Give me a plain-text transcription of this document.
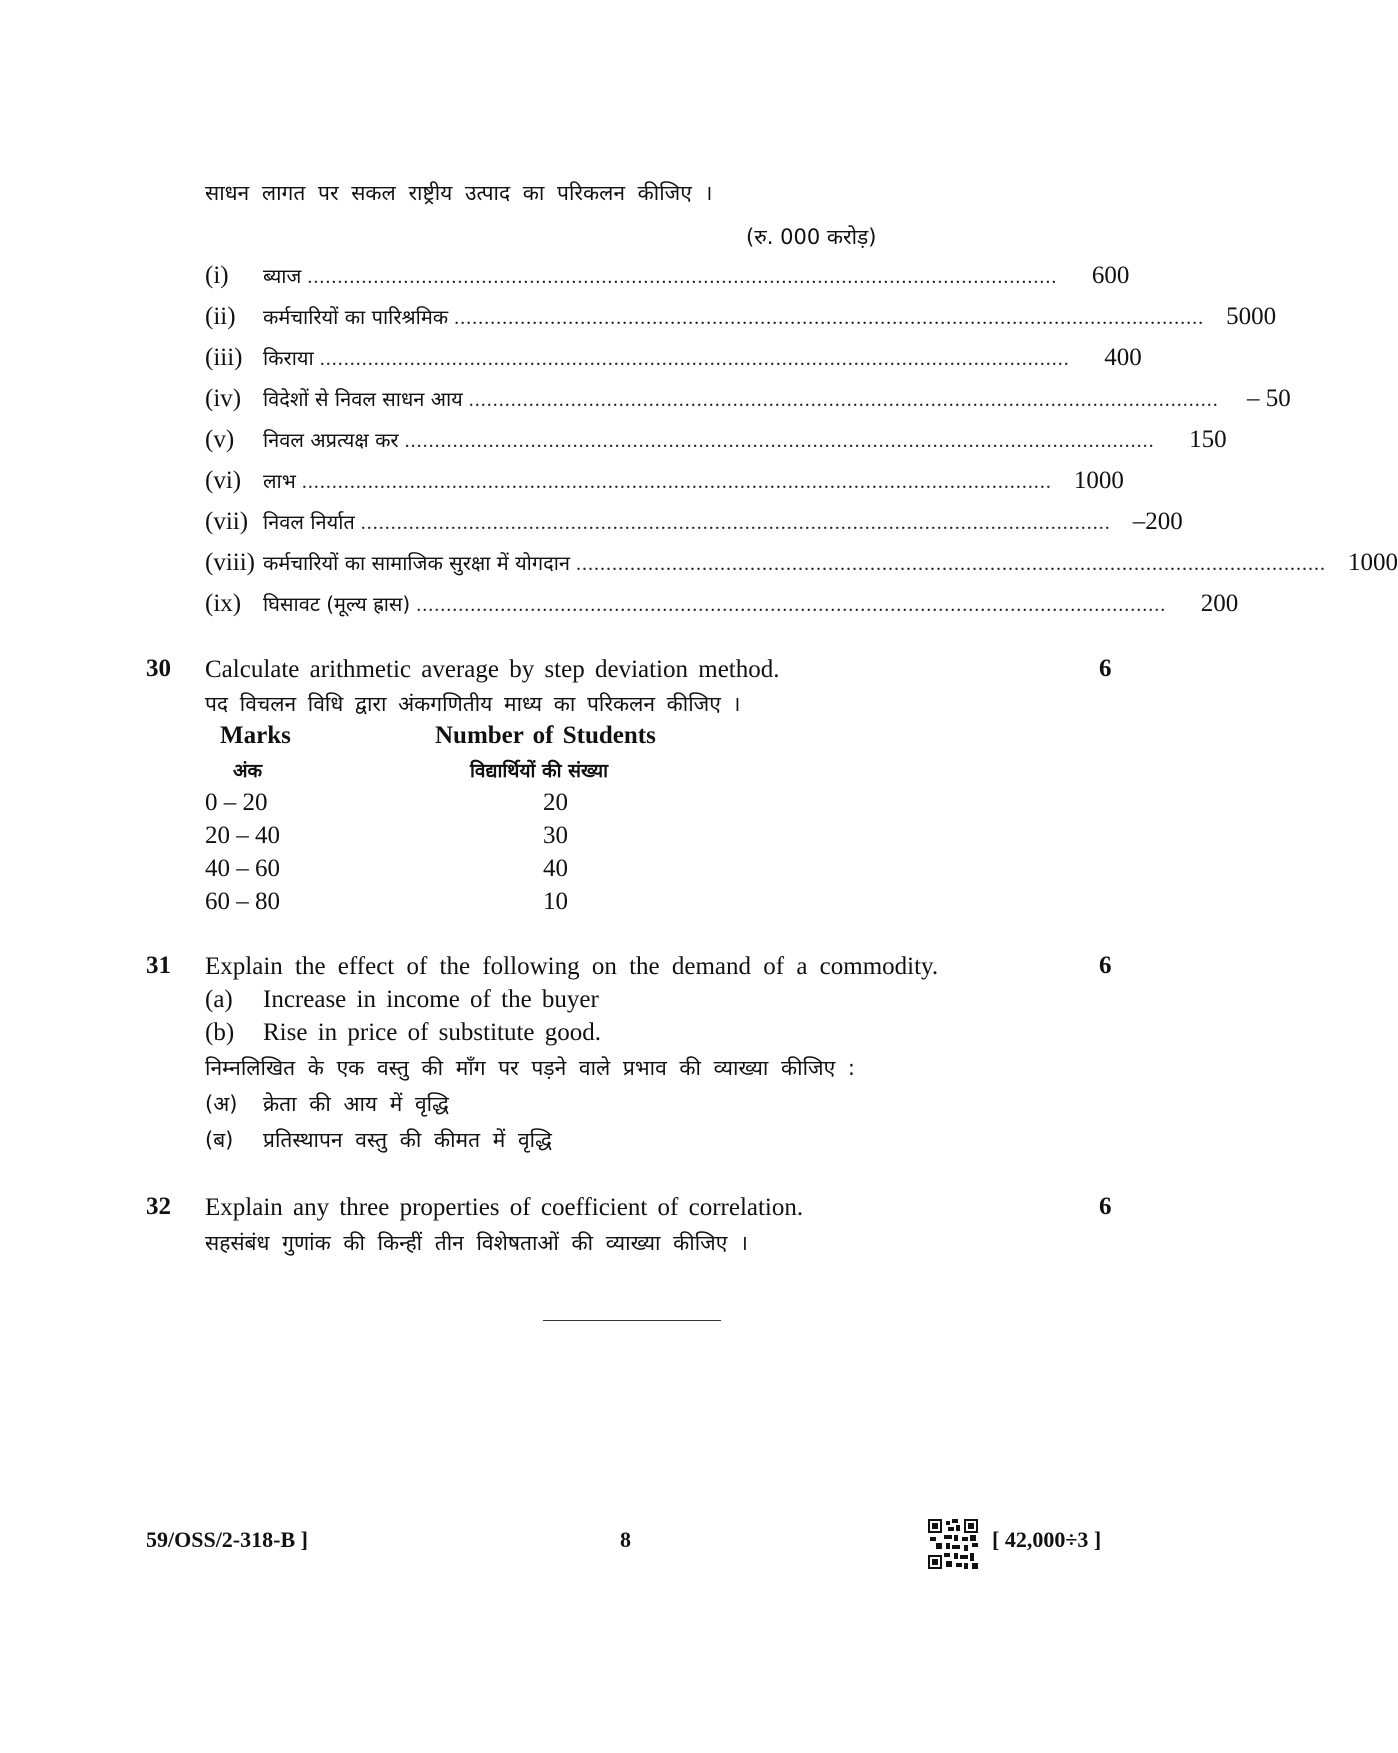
साधन लागत पर सकल राष्ट्रीय उत्पाद का परिकलन कीजिए ।
(रु. 000 करोड़)
(i)	ब्याज .............................................................................................................................	600
(ii)	कर्मचारियों का पारिश्रमिक ............................................................................................................................. 5000
(iii)	किराया .............................................................................................................................	400
(iv)	विदेशों से निवल साधन आय .............................................................................................................................	– 50
(v)	निवल अप्रत्यक्ष कर .............................................................................................................................	150
(vi)	लाभ ............................................................................................................................. 1000
(vii) निवल निर्यात ............................................................................................................................. –200
(viii) कर्मचारियों का सामाजिक सुरक्षा में योगदान ............................................................................................................................. 1000
(ix)	घिसावट (मूल्य ह्रास) .............................................................................................................................	200
30 Calculate arithmetic average by step deviation method.	6
पद विचलन विधि द्वारा अंकगणितीय माध्य का परिकलन कीजिए ।
Marks	Number of Students
अंक	विद्यार्थियों की संख्या
0 – 20	20
20 – 40	30
40 – 60	40
60 – 80	10
31 Explain the effect of the following on the demand of a commodity.	6
(a) Increase in income of the buyer
(b) Rise in price of substitute good.
निम्नलिखित के एक वस्तु की माँग पर पड़ने वाले प्रभाव की व्याख्या कीजिए :
(अ) क्रेता की आय में वृद्धि
(ब) प्रतिस्थापन वस्तु की कीमत में वृद्धि
32 Explain any three properties of coefficient of correlation.	6
सहसंबंध गुणांक की किन्हीं तीन विशेषताओं की व्याख्या कीजिए ।
59/OSS/2-318-B ]	8	[ 42,000÷3 ]
